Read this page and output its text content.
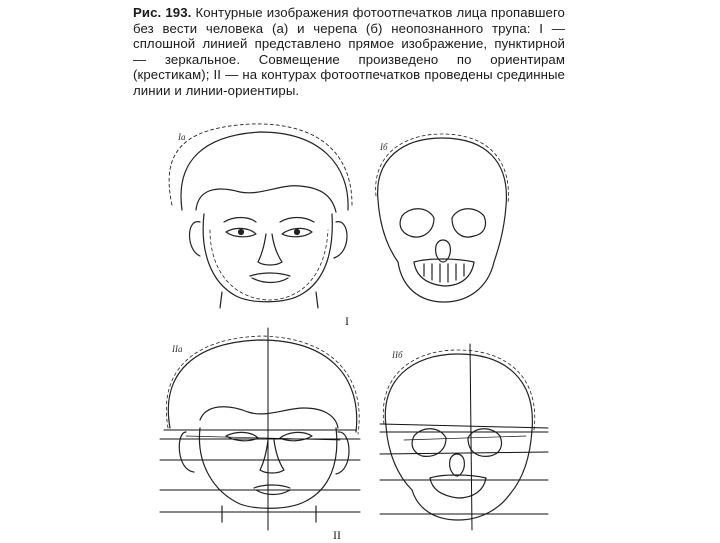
Рис. 193. Контурные изображения фотоотпечатков лица пропавшего без вести человека (а) и черепа (б) неопознанного трупа: I — сплошной линией представлено прямое изображение, пунктирной — зеркальное. Совмещение произведено по ориентирам (крестикам); II — на контурах фотоотпечатков проведены срединные линии и линии-ориентиры.
Iа
Iб
IIа
IIб
I
II
